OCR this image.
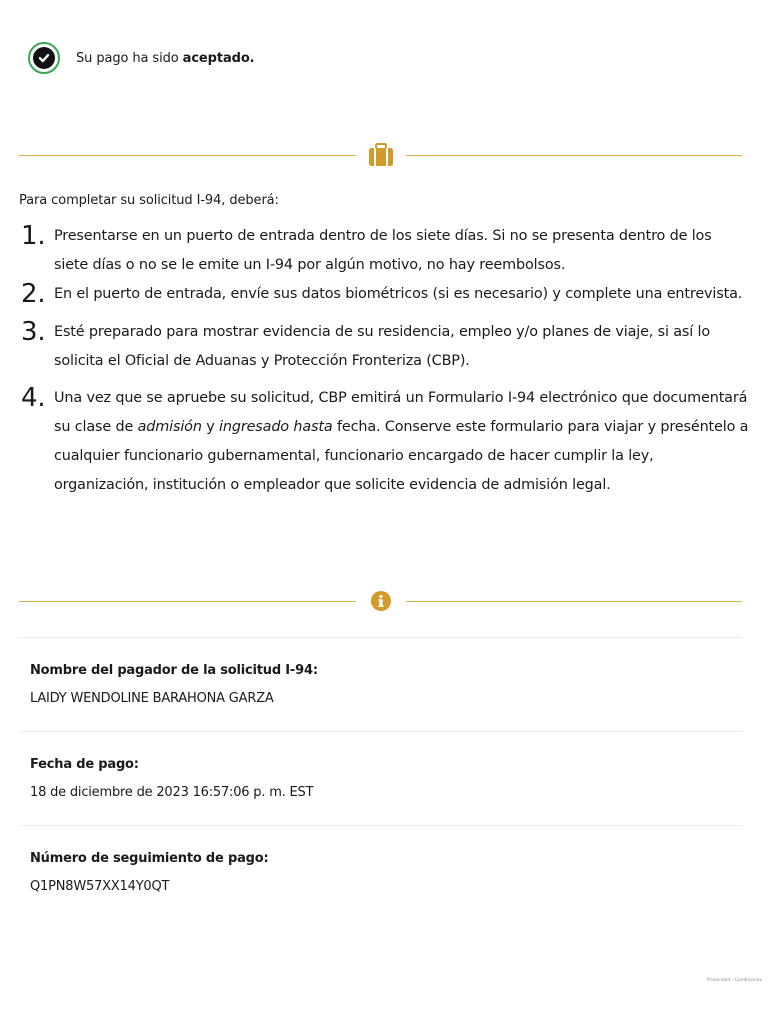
Su pago ha sido aceptado.
Para completar su solicitud I-94, deberá:
1. Presentarse en un puerto de entrada dentro de los siete días. Si no se presenta dentro de los siete días o no se le emite un I-94 por algún motivo, no hay reembolsos.
2. En el puerto de entrada, envíe sus datos biométricos (si es necesario) y complete una entrevista.
3. Esté preparado para mostrar evidencia de su residencia, empleo y/o planes de viaje, si así lo solicita el Oficial de Aduanas y Protección Fronteriza (CBP).
4. Una vez que se apruebe su solicitud, CBP emitirá un Formulario I-94 electrónico que documentará su clase de admisión y ingresado hasta fecha. Conserve este formulario para viajar y preséntelo a cualquier funcionario gubernamental, funcionario encargado de hacer cumplir la ley, organización, institución o empleador que solicite evidencia de admisión legal.
Nombre del pagador de la solicitud I-94:
LAIDY WENDOLINE BARAHONA GARZA
Fecha de pago:
18 de diciembre de 2023 16:57:06 p. m. EST
Número de seguimiento de pago:
Q1PN8W57XX14Y0QT
Privacidad - Condiciones
